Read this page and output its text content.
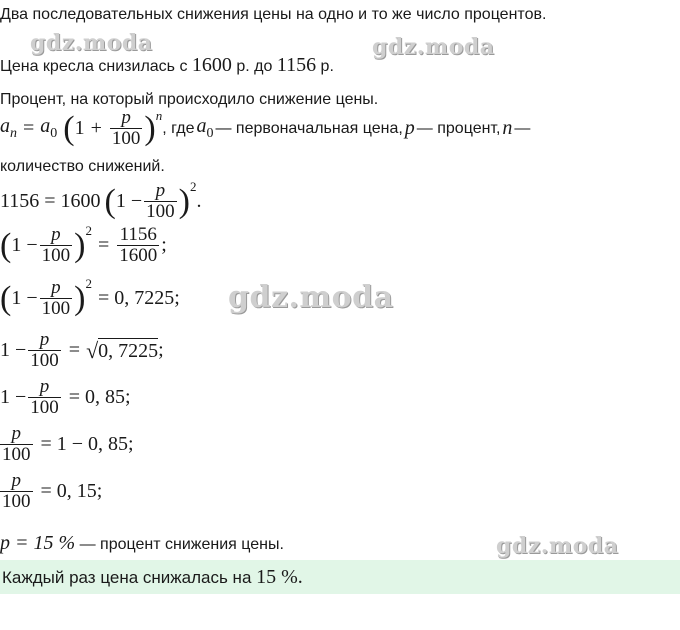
Два последовательных снижения цены на одно и то же число процентов.
Цена кресла снизилась с 1600 р. до 1156 р.
Процент, на который происходило снижение цены.
$a_n = a_0$ ( $1 + \frac{p}{100}$ ) n
, где $a_0$ — первоначальная цена, p — процент, n —
количество снижений.
1156 = 1600 ( $1 - \frac{p}{100}$ ) 2
.
( $1 - \frac{p}{100}$ ) 2
= $\frac{1156}{1600}$ ;
( $1 - \frac{p}{100}$ ) 2
= 0, 7225;
$1 - \frac{p}{100}$ = √ 0, 7225 ;
$1 - \frac{p}{100} = 0$, 85;
$\frac{p}{100} = 1 - 0$, 85;
$\frac{p}{100} = 0$, 15;
p = 15 % — процент снижения цены.
Каждый раз цена снижалась на 15 %.
gdz.moda	gdz.moda
gdz.moda
gdz.moda
